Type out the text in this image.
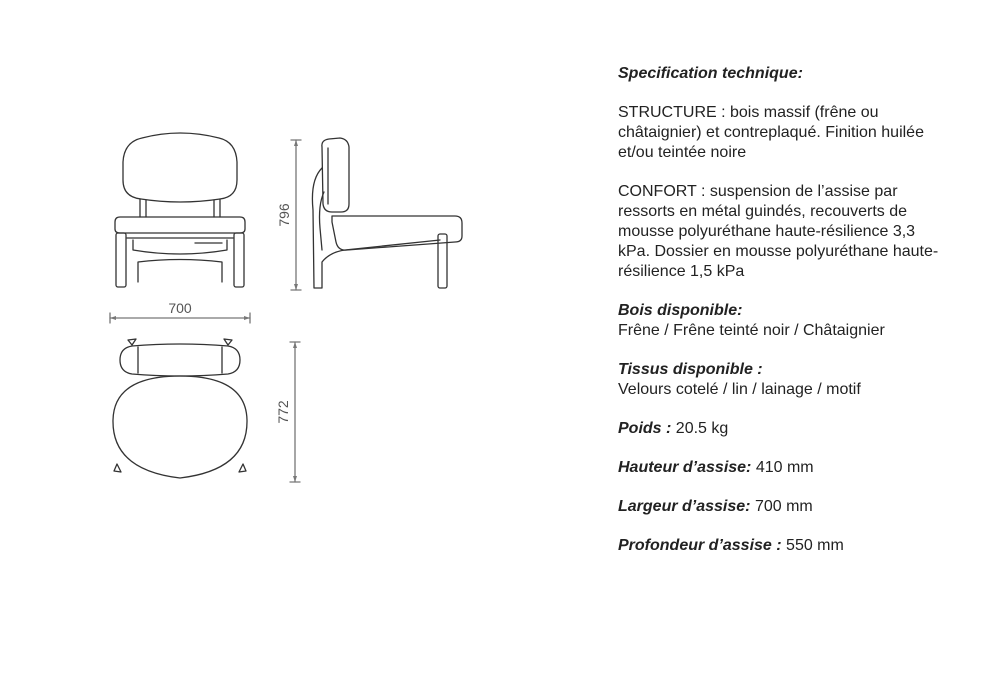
700
796
772

Specification technique:

STRUCTURE : bois massif (frêne ou châtaignier) et contreplaqué. Finition huilée et/ou teintée noire

CONFORT : suspension de l’assise par ressorts en métal guindés, recouverts de mousse polyuréthane haute-résilience 3,3 kPa. Dossier en mousse polyuréthane haute-résilience 1,5 kPa

Bois disponible:

Frêne / Frêne teinté noir / Châtaignier

Tissus disponible :

Velours cotelé / lin / lainage / motif

Poids : 20.5 kg

Hauteur d’assise: 410 mm

Largeur d’assise: 700 mm

Profondeur d’assise : 550 mm
